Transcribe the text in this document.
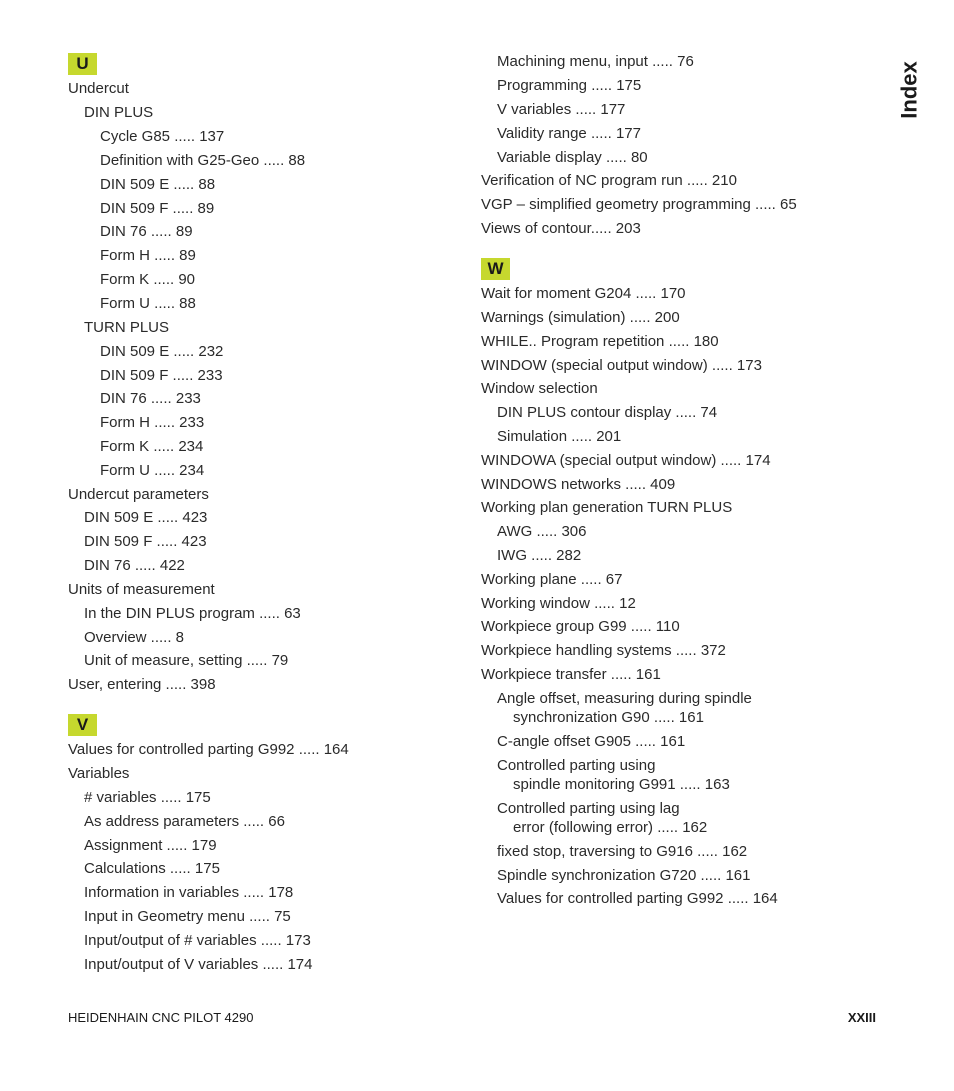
U
Undercut
DIN PLUS
Cycle G85 ..... 137
Definition with G25-Geo ..... 88
DIN 509 E ..... 88
DIN 509 F ..... 89
DIN 76 ..... 89
Form H ..... 89
Form K ..... 90
Form U ..... 88
TURN PLUS
DIN 509 E ..... 232
DIN 509 F ..... 233
DIN 76 ..... 233
Form H ..... 233
Form K ..... 234
Form U ..... 234
Undercut parameters
DIN 509 E ..... 423
DIN 509 F ..... 423
DIN 76 ..... 422
Units of measurement
In the DIN PLUS program ..... 63
Overview ..... 8
Unit of measure, setting ..... 79
User, entering ..... 398
V
Values for controlled parting G992 ..... 164
Variables
# variables ..... 175
As address parameters ..... 66
Assignment ..... 179
Calculations ..... 175
Information in variables ..... 178
Input in Geometry menu ..... 75
Input/output of # variables ..... 173
Input/output of V variables ..... 174
Machining menu, input ..... 76
Programming ..... 175
V variables ..... 177
Validity range ..... 177
Variable display ..... 80
Verification of NC program run ..... 210
VGP – simplified geometry programming ..... 65
Views of contour..... 203
W
Wait for moment G204 ..... 170
Warnings (simulation) ..... 200
WHILE.. Program repetition ..... 180
WINDOW (special output window) ..... 173
Window selection
DIN PLUS contour display ..... 74
Simulation ..... 201
WINDOWA (special output window) ..... 174
WINDOWS networks ..... 409
Working plan generation TURN PLUS
AWG ..... 306
IWG ..... 282
Working plane ..... 67
Working window ..... 12
Workpiece group G99 ..... 110
Workpiece handling systems ..... 372
Workpiece transfer ..... 161
Angle offset, measuring during spindle
synchronization G90 ..... 161
C-angle offset G905 ..... 161
Controlled parting using
spindle monitoring G991 ..... 163
Controlled parting using lag
error (following error) ..... 162
fixed stop, traversing to G916 ..... 162
Spindle synchronization G720 ..... 161
Values for controlled parting G992 ..... 164
Index
HEIDENHAIN CNC PILOT 4290	XXIII
